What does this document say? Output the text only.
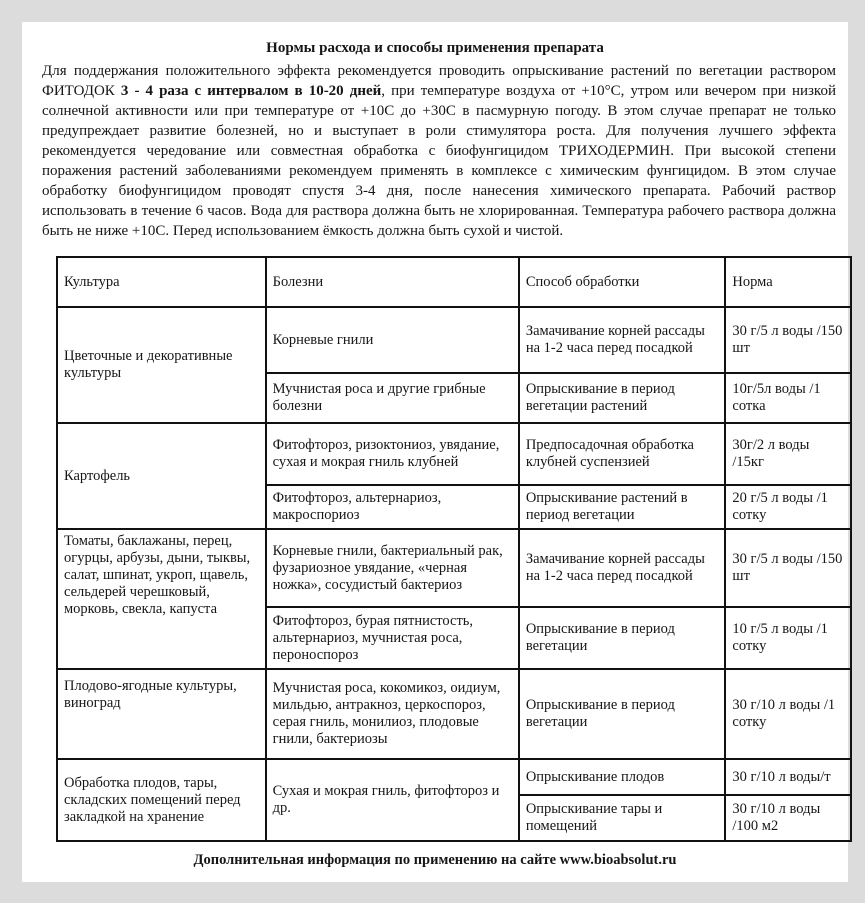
Нормы расхода и способы применения препарата
Для поддержания положительного эффекта рекомендуется проводить опрыскивание растений по вегетации раствором ФИТОДОК 3 - 4 раза с интервалом в 10-20 дней, при температуре воздуха от +10°С, утром или вечером при низкой солнечной активности или при температуре от +10С до +30С в пасмурную погоду. В этом случае препарат не только предупреждает развитие болезней, но и выступает в роли стимулятора роста. Для получения лучшего эффекта рекомендуется чередование или совместная обработка с биофунгицидом ТРИХОДЕРМИН. При высокой степени поражения растений заболеваниями рекомендуем применять в комплексе с химическим фунгицидом. В этом случае обработку биофунгицидом проводят спустя 3-4 дня, после нанесения химического препарата. Рабочий раствор использовать в течение 6 часов. Вода для раствора должна быть не хлорированная. Температура рабочего раствора должна быть не ниже +10С. Перед использованием ёмкость должна быть сухой и чистой.
Культура	Болезни	Способ обработки	Норма
Цветочные и декоративные культуры	Корневые гнили	Замачивание корней рассады на 1-2 часа перед посадкой	30 г/5 л воды /150 шт
	Мучнистая роса и другие грибные болезни	Опрыскивание в период вегетации растений	10г/5л воды /1 сотка
Картофель	Фитофтороз, ризоктониоз, увядание, сухая и мокрая гниль клубней	Предпосадочная обработка клубней суспензией	30г/2 л воды /15кг
	Фитофтороз, альтернариоз, макроспориоз	Опрыскивание растений в период вегетации	20 г/5 л воды /1 сотку
Томаты, баклажаны, перец, огурцы, арбузы, дыни, тыквы, салат, шпинат, укроп, щавель, сельдерей черешковый, морковь, свекла, капуста	Корневые гнили, бактериальный рак, фузариозное увядание, «черная ножка», сосудистый бактериоз	Замачивание корней рассады на 1-2 часа перед посадкой	30 г/5 л воды /150 шт
	Фитофтороз, бурая пятнистость, альтернариоз, мучнистая роса, пероноспороз	Опрыскивание в период вегетации	10 г/5 л воды /1 сотку
Плодово-ягодные культуры, виноград	Мучнистая роса, кокомикоз, оидиум, мильдью, антракноз, церкоспороз, серая гниль, монилиоз, плодовые гнили, бактериозы	Опрыскивание в период вегетации	30 г/10 л воды /1 сотку
Обработка плодов, тары, складских помещений перед закладкой на хранение	Сухая и мокрая гниль, фитофтороз и др.	Опрыскивание плодов	30 г/10 л воды/т
		Опрыскивание тары и помещений	30 г/10 л воды /100 м2
Дополнительная информация по применению на сайте www.bioabsolut.ru
